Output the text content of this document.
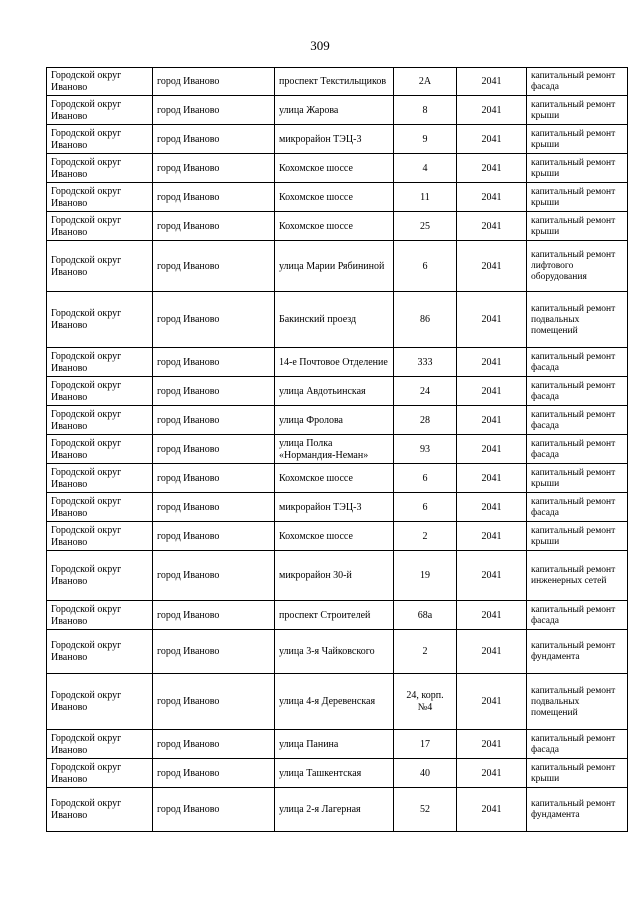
309
Городской округ Иваново	город Иваново	проспект Текстильщиков	2А	2041	капитальный ремонт фасада
Городской округ Иваново	город Иваново	улица Жарова	8	2041	капитальный ремонт крыши
Городской округ Иваново	город Иваново	микрорайон ТЭЦ-3	9	2041	капитальный ремонт крыши
Городской округ Иваново	город Иваново	Кохомское шоссе	4	2041	капитальный ремонт крыши
Городской округ Иваново	город Иваново	Кохомское шоссе	11	2041	капитальный ремонт крыши
Городской округ Иваново	город Иваново	Кохомское шоссе	25	2041	капитальный ремонт крыши
Городской округ Иваново	город Иваново	улица Марии Рябининой	6	2041	капитальный ремонт лифтового оборудования
Городской округ Иваново	город Иваново	Бакинский проезд	86	2041	капитальный ремонт подвальных помещений
Городской округ Иваново	город Иваново	14-е Почтовое Отделение	333	2041	капитальный ремонт фасада
Городской округ Иваново	город Иваново	улица Авдотьинская	24	2041	капитальный ремонт фасада
Городской округ Иваново	город Иваново	улица Фролова	28	2041	капитальный ремонт фасада
Городской округ Иваново	город Иваново	улица Полка «Нормандия-Неман»	93	2041	капитальный ремонт фасада
Городской округ Иваново	город Иваново	Кохомское шоссе	6	2041	капитальный ремонт крыши
Городской округ Иваново	город Иваново	микрорайон ТЭЦ-3	6	2041	капитальный ремонт фасада
Городской округ Иваново	город Иваново	Кохомское шоссе	2	2041	капитальный ремонт крыши
Городской округ Иваново	город Иваново	микрорайон 30-й	19	2041	капитальный ремонт инженерных сетей
Городской округ Иваново	город Иваново	проспект Строителей	68а	2041	капитальный ремонт фасада
Городской округ Иваново	город Иваново	улица 3-я Чайковского	2	2041	капитальный ремонт фундамента
Городской округ Иваново	город Иваново	улица 4-я Деревенская	24, корп. №4	2041	капитальный ремонт подвальных помещений
Городской округ Иваново	город Иваново	улица Панина	17	2041	капитальный ремонт фасада
Городской округ Иваново	город Иваново	улица Ташкентская	40	2041	капитальный ремонт крыши
Городской округ Иваново	город Иваново	улица 2-я Лагерная	52	2041	капитальный ремонт фундамента
